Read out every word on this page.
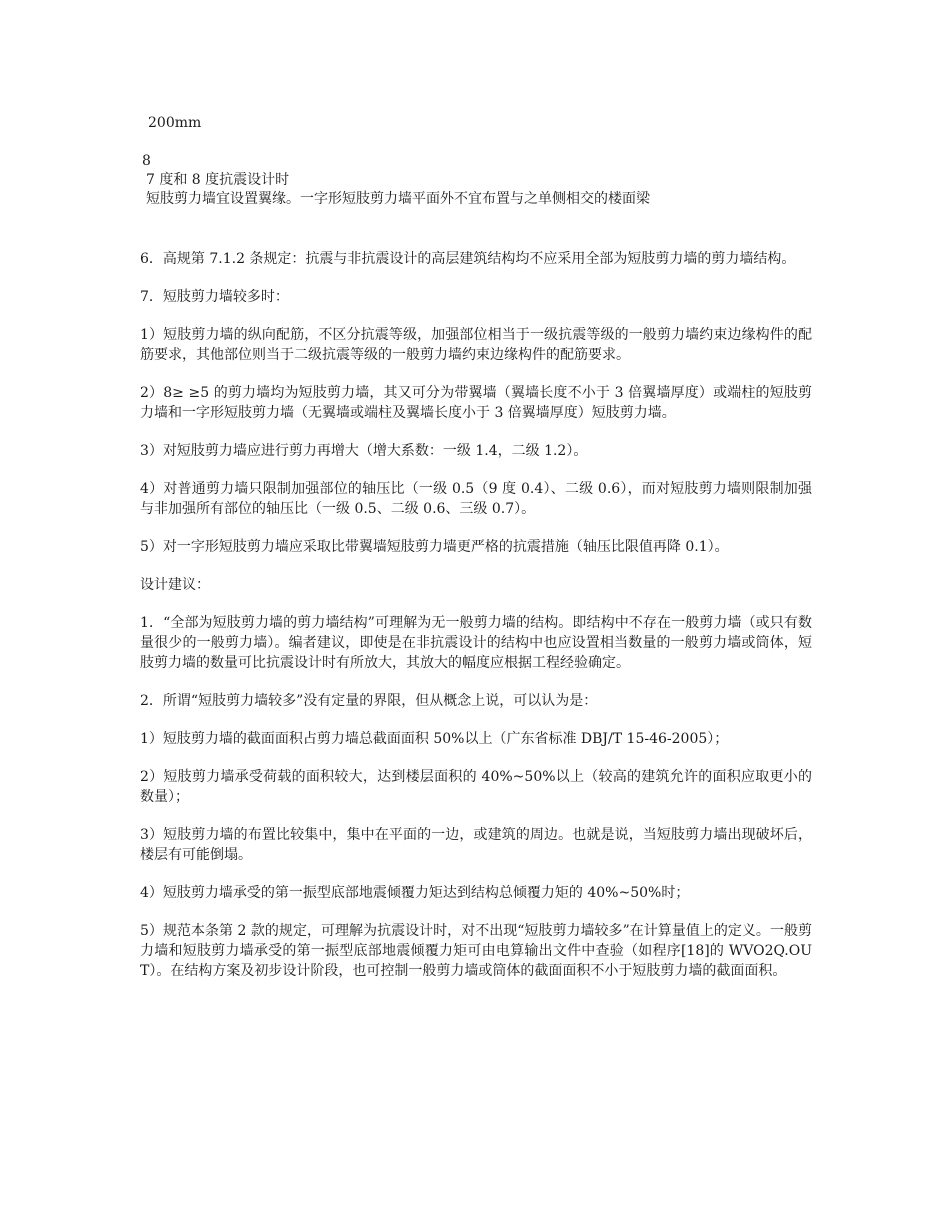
200mm
8
7 度和 8 度抗震设计时
短肢剪力墙宜设置翼缘。一字形短肢剪力墙平面外不宜布置与之单侧相交的楼面梁

6．高规第 7.1.2 条规定：抗震与非抗震设计的高层建筑结构均不应采用全部为短肢剪力墙的剪力墙结构。

7．短肢剪力墙较多时：

1）短肢剪力墙的纵向配筋，不区分抗震等级，加强部位相当于一级抗震等级的一般剪力墙约束边缘构件的配筋要求，其他部位则当于二级抗震等级的一般剪力墙约束边缘构件的配筋要求。

2）8≥ ≥5 的剪力墙均为短肢剪力墙，其又可分为带翼墙（翼墙长度不小于 3 倍翼墙厚度）或端柱的短肢剪力墙和一字形短肢剪力墙（无翼墙或端柱及翼墙长度小于 3 倍翼墙厚度）短肢剪力墙。

3）对短肢剪力墙应进行剪力再增大（增大系数：一级 1.4，二级 1.2）。

4）对普通剪力墙只限制加强部位的轴压比（一级 0.5（9 度 0.4）、二级 0.6），而对短肢剪力墙则限制加强与非加强所有部位的轴压比（一级 0.5、二级 0.6、三级 0.7）。

5）对一字形短肢剪力墙应采取比带翼墙短肢剪力墙更严格的抗震措施（轴压比限值再降 0.1）。

设计建议：

1．“全部为短肢剪力墙的剪力墙结构”可理解为无一般剪力墙的结构。即结构中不存在一般剪力墙（或只有数量很少的一般剪力墙）。编者建议，即使是在非抗震设计的结构中也应设置相当数量的一般剪力墙或筒体，短肢剪力墙的数量可比抗震设计时有所放大，其放大的幅度应根据工程经验确定。

2．所谓“短肢剪力墙较多”没有定量的界限，但从概念上说，可以认为是：

1）短肢剪力墙的截面面积占剪力墙总截面面积 50%以上（广东省标准 DBJ/T 15-46-2005）；

2）短肢剪力墙承受荷载的面积较大，达到楼层面积的 40%~50%以上（较高的建筑允许的面积应取更小的数量）；

3）短肢剪力墙的布置比较集中，集中在平面的一边，或建筑的周边。也就是说，当短肢剪力墙出现破坏后，楼层有可能倒塌。

4）短肢剪力墙承受的第一振型底部地震倾覆力矩达到结构总倾覆力矩的 40%~50%时；

5）规范本条第 2 款的规定，可理解为抗震设计时，对不出现“短肢剪力墙较多”在计算量值上的定义。一般剪力墙和短肢剪力墙承受的第一振型底部地震倾覆力矩可由电算输出文件中查验（如程序[18]的 WVO2Q.OUT）。在结构方案及初步设计阶段，也可控制一般剪力墙或筒体的截面面积不小于短肢剪力墙的截面面积。
